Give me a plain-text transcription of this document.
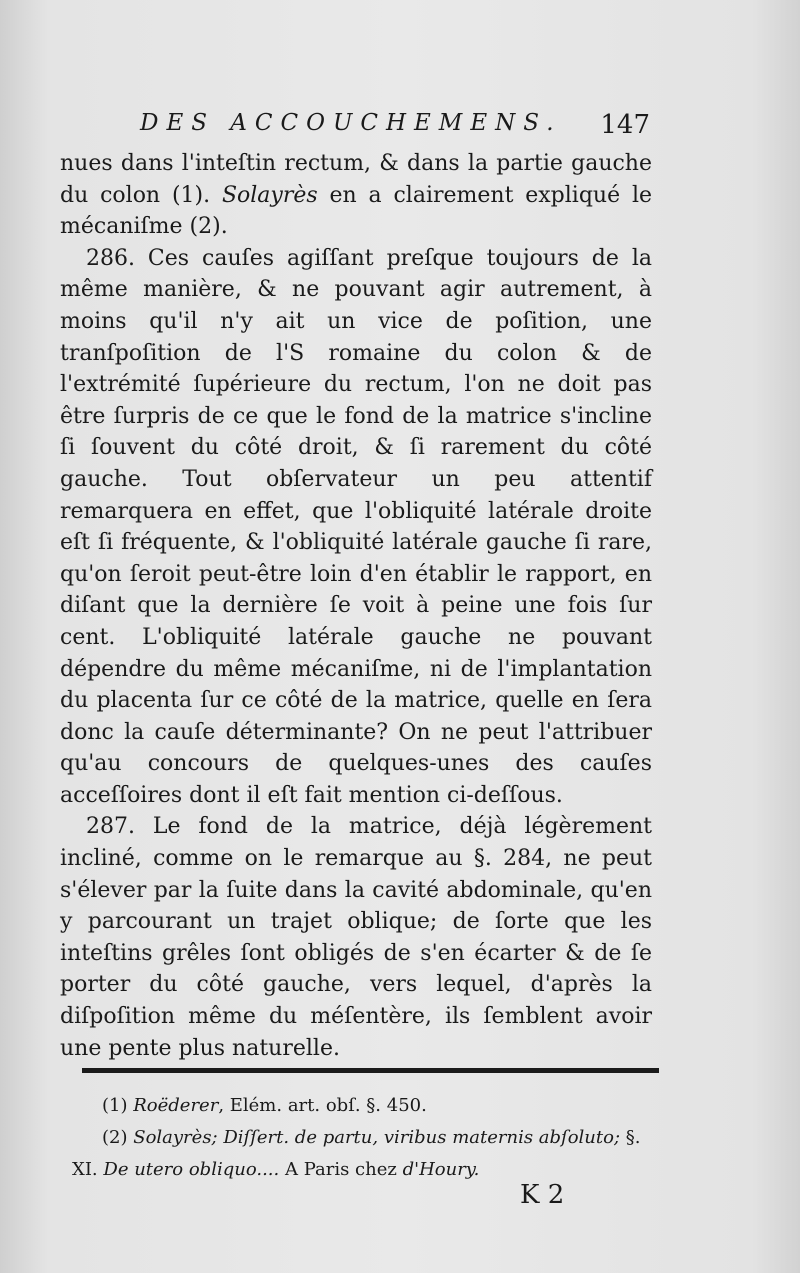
DES ACCOUCHEMENS. 147

nues dans l'inteſtin rectum, & dans la partie gauche du colon (1). Solayrès en a clairement expliqué le mécaniſme (2).

286. Ces cauſes agiſſant preſque toujours de la même manière, & ne pouvant agir autrement, à moins qu'il n'y ait un vice de poſition, une tranſpoſition de l'S romaine du colon & de l'extrémité ſupérieure du rectum, l'on ne doit pas être ſurpris de ce que le fond de la matrice s'incline ſi ſouvent du côté droit, & ſi rarement du côté gauche. Tout obſervateur un peu attentif remarquera en effet, que l'obliquité latérale droite eſt ſi fréquente, & l'obliquité latérale gauche ſi rare, qu'on ſeroit peut-être loin d'en établir le rapport, en diſant que la dernière ſe voit à peine une fois ſur cent. L'obliquité latérale gauche ne pouvant dépendre du même mécaniſme, ni de l'implantation du placenta ſur ce côté de la matrice, quelle en ſera donc la cauſe déterminante? On ne peut l'attribuer qu'au concours de quelques-unes des cauſes acceſſoires dont il eſt fait mention ci-deſſous.

287. Le fond de la matrice, déjà légèrement incliné, comme on le remarque au §. 284, ne peut s'élever par la ſuite dans la cavité abdominale, qu'en y parcourant un trajet oblique; de ſorte que les inteſtins grêles ſont obligés de s'en écarter & de ſe porter du côté gauche, vers lequel, d'après la diſpoſition même du méſentère, ils ſemblent avoir une pente plus naturelle.

(1) Roëderer, Elém. art. obſ. §. 450.

(2) Solayrès; Diſſert. de partu, viribus maternis abſoluto; §. XI. De utero obliquo.... A Paris chez d'Houry.

K 2
